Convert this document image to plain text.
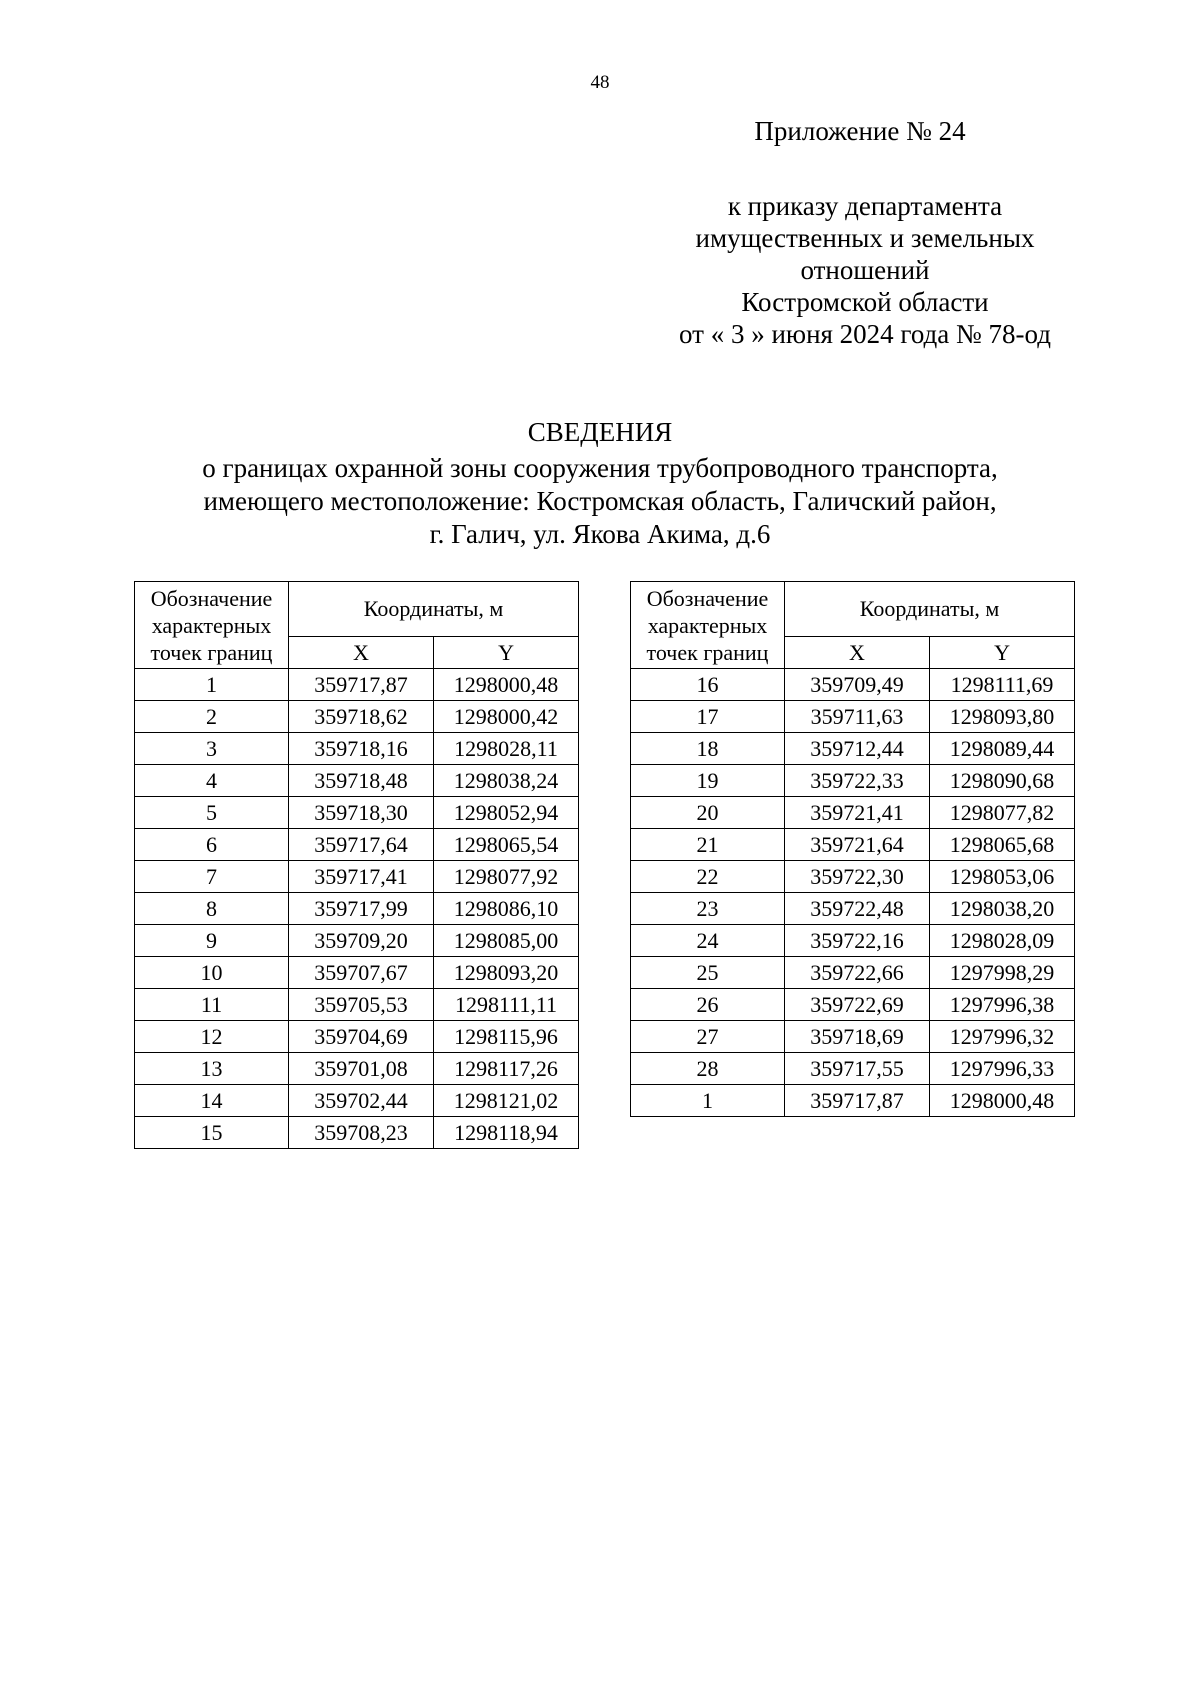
48
Приложение № 24
к приказу департамента
имущественных и земельных
отношений
Костромской области
от « 3 » июня 2024 года № 78-од
СВЕДЕНИЯ
о границах охранной зоны сооружения трубопроводного транспорта,
имеющего местоположение: Костромская область, Галичский район,
г. Галич, ул. Якова Акима, д.6
Обозначение
характерных
точек границ	Координаты, м	
	X	Y
1	359717,87	1298000,48
2	359718,62	1298000,42
3	359718,16	1298028,11
4	359718,48	1298038,24
5	359718,30	1298052,94
6	359717,64	1298065,54
7	359717,41	1298077,92
8	359717,99	1298086,10
9	359709,20	1298085,00
10	359707,67	1298093,20
11	359705,53	1298111,11
12	359704,69	1298115,96
13	359701,08	1298117,26
14	359702,44	1298121,02
15	359708,23	1298118,94
Обозначение
характерных
точек границ	Координаты, м	
	X	Y
16	359709,49	1298111,69
17	359711,63	1298093,80
18	359712,44	1298089,44
19	359722,33	1298090,68
20	359721,41	1298077,82
21	359721,64	1298065,68
22	359722,30	1298053,06
23	359722,48	1298038,20
24	359722,16	1298028,09
25	359722,66	1297998,29
26	359722,69	1297996,38
27	359718,69	1297996,32
28	359717,55	1297996,33
1	359717,87	1298000,48
